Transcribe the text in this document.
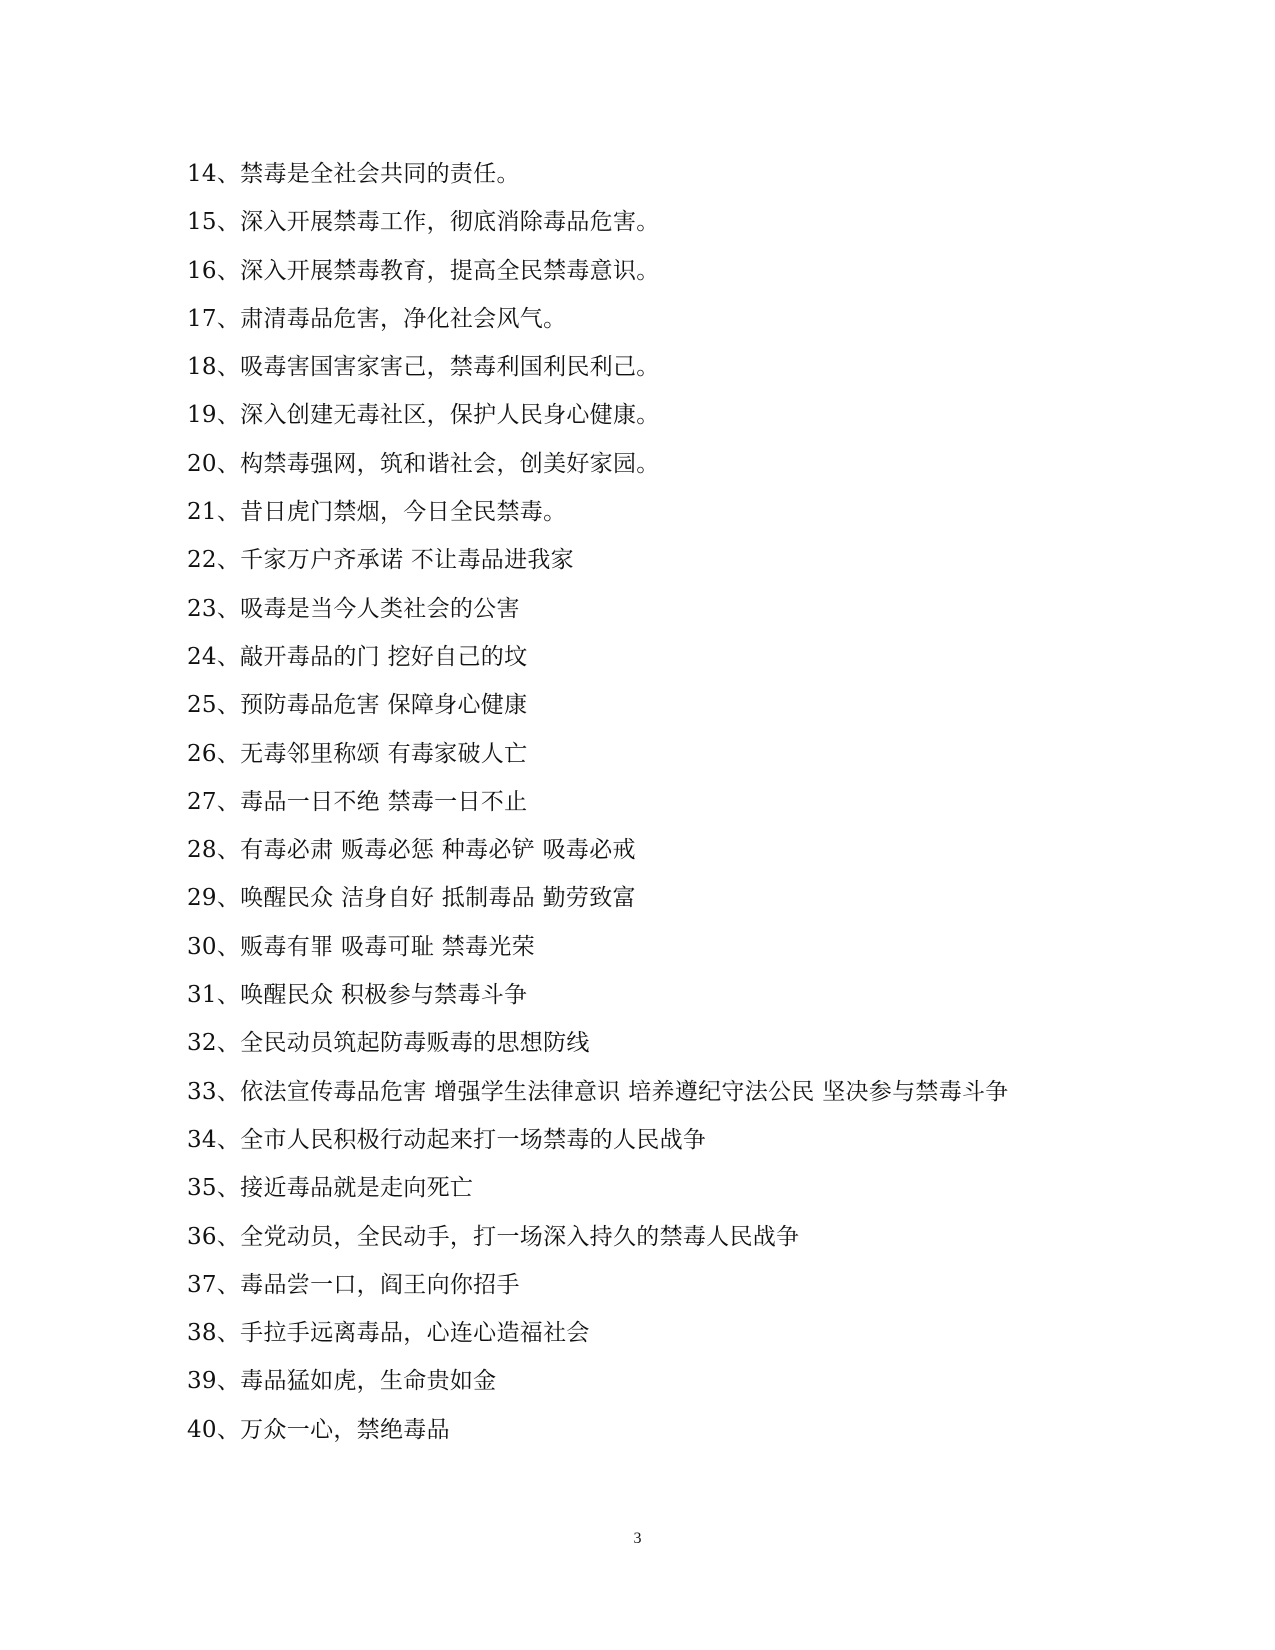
14、禁毒是全社会共同的责任。
15、深入开展禁毒工作，彻底消除毒品危害。
16、深入开展禁毒教育，提高全民禁毒意识。
17、肃清毒品危害，净化社会风气。
18、吸毒害国害家害己，禁毒利国利民利己。
19、深入创建无毒社区，保护人民身心健康。
20、构禁毒强网，筑和谐社会，创美好家园。
21、昔日虎门禁烟，今日全民禁毒。
22、千家万户齐承诺 不让毒品进我家
23、吸毒是当今人类社会的公害
24、敲开毒品的门 挖好自己的坟
25、预防毒品危害 保障身心健康
26、无毒邻里称颂 有毒家破人亡
27、毒品一日不绝 禁毒一日不止
28、有毒必肃 贩毒必惩 种毒必铲 吸毒必戒
29、唤醒民众 洁身自好 抵制毒品 勤劳致富
30、贩毒有罪 吸毒可耻 禁毒光荣
31、唤醒民众 积极参与禁毒斗争
32、全民动员筑起防毒贩毒的思想防线
33、依法宣传毒品危害 增强学生法律意识 培养遵纪守法公民 坚决参与禁毒斗争
34、全市人民积极行动起来打一场禁毒的人民战争
35、接近毒品就是走向死亡
36、全党动员，全民动手，打一场深入持久的禁毒人民战争
37、毒品尝一口，阎王向你招手
38、手拉手远离毒品，心连心造福社会
39、毒品猛如虎，生命贵如金
40、万众一心，禁绝毒品
3
